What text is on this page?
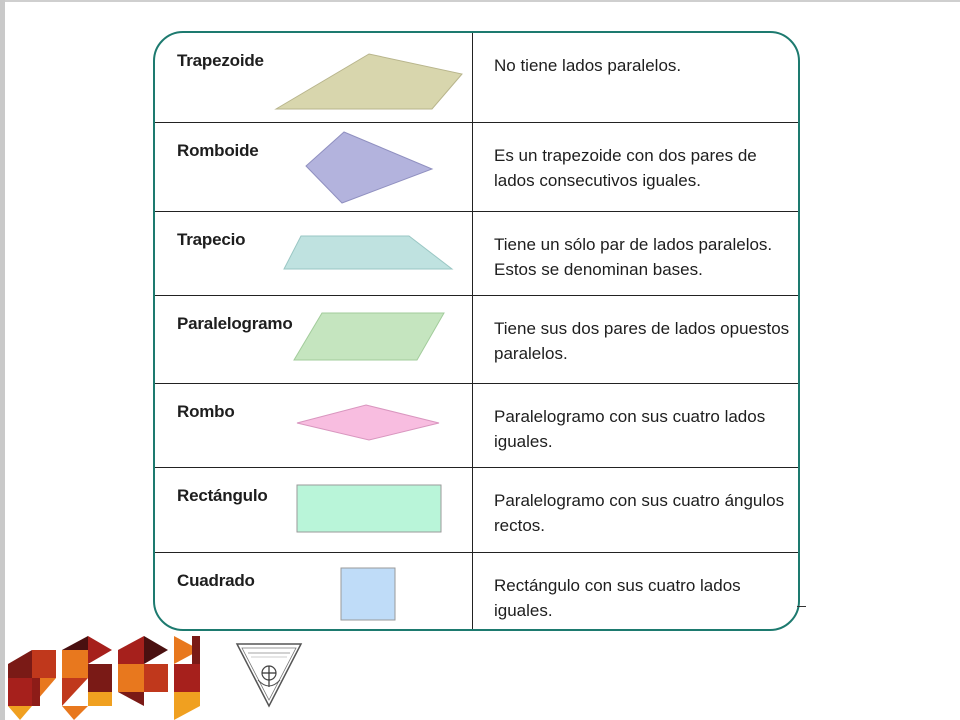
Trapezoide	No tiene lados paralelos.
Romboide	Es un trapezoide con dos pares de lados consecutivos iguales.
Trapecio	Tiene un sólo par de lados paralelos. Estos se denominan bases.
Paralelogramo	Tiene sus dos pares de lados opuestos paralelos.
Rombo	Paralelogramo con sus cuatro lados iguales.
Rectángulo	Paralelogramo con sus cuatro ángulos rectos.
Cuadrado	Rectángulo con sus cuatro lados iguales.
